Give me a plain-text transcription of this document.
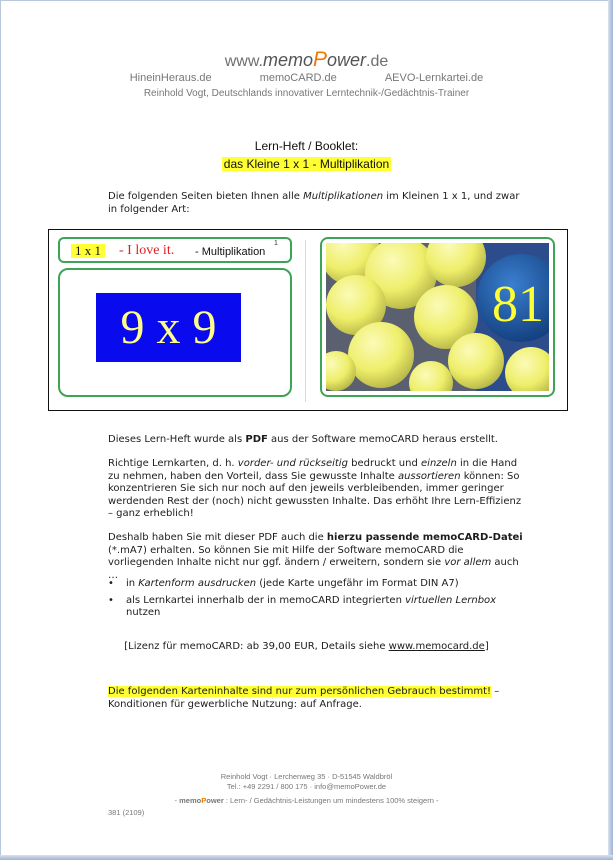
www.memoPower.de
HineinHeraus.de	memoCARD.de	AEVO-Lernkartei.de
Reinhold Vogt, Deutschlands innovativer Lerntechnik-/Gedächtnis-Trainer
Lern-Heft / Booklet:
das Kleine 1 x 1 - Multiplikation
Die folgenden Seiten bieten Ihnen alle Multiplikationen im Kleinen 1 x 1, und zwar in folgender Art:
1 x 1 - I love it. - Multiplikation
1
9 x 9	81
Dieses Lern-Heft wurde als PDF aus der Software memoCARD heraus erstellt.
Richtige Lernkarten, d. h. vorder- und rückseitig bedruckt und einzeln in die Hand zu nehmen, haben den Vorteil, dass Sie gewusste Inhalte aussortieren können: So konzentrieren Sie sich nur noch auf den jeweils verbleibenden, immer geringer werdenden Rest der (noch) nicht gewussten Inhalte. Das erhöht Ihre Lern-Effizienz – ganz erheblich!
Deshalb haben Sie mit dieser PDF auch die hierzu passende memoCARD-Datei (*.mA7) erhalten. So können Sie mit Hilfe der Software memoCARD die vorliegenden Inhalte nicht nur ggf. ändern / erweitern, sondern sie vor allem auch …
• in Kartenform ausdrucken (jede Karte ungefähr im Format DIN A7)
• als Lernkartei innerhalb der in memoCARD integrierten virtuellen Lernbox nutzen
[Lizenz für memoCARD: ab 39,00 EUR, Details siehe www.memocard.de]
Die folgenden Karteninhalte sind nur zum persönlichen Gebrauch bestimmt! – Konditionen für gewerbliche Nutzung: auf Anfrage.
Reinhold Vogt · Lerchenweg 35 · D-51545 Waldbröl
Tel.: +49 2291 / 800 175 · info@memoPower.de
- memoPower : Lern- / Gedächtnis-Leistungen um mindestens 100% steigern -
381 (2109)
